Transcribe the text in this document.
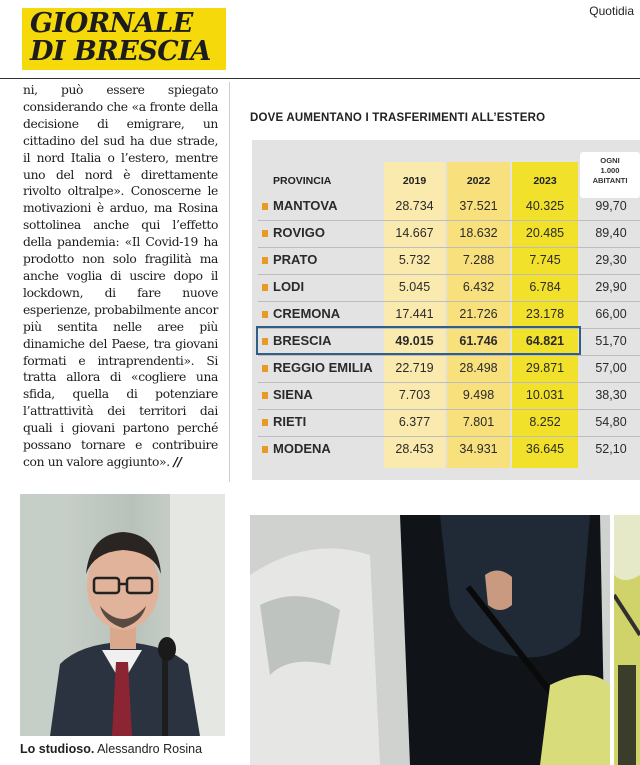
GIORNALE
DI BRESCIA
Quotidia
ni, può essere spiegato considerando che «a fronte della decisione di emigrare, un cittadino del sud ha due strade, il nord Italia o l’estero, mentre uno del nord è direttamente rivolto oltralpe». Conoscerne le motivazioni è arduo, ma Rosina sottolinea anche qui l’effetto della pandemia: «Il Covid-19 ha prodotto non solo fragilità ma anche voglia di uscire dopo il lockdown, di fare nuove esperienze, probabilmente ancor più sentita nelle aree più dinamiche del Paese, tra giovani formati e intraprendenti». Si tratta allora di «cogliere una sfida, quella di potenziare l’attrattività dei territori dai quali i giovani partono perché possano tornare e contribuire con un valore aggiunto». //
Lo studioso. Alessandro Rosina
DOVE AUMENTANO I TRASFERIMENTI ALL’ESTERO
PROVINCIA	2019	2022	2023
OGNI
1.000
ABITANTI
MANTOVA	28.734	37.521	40.325	99,70
ROVIGO	14.667	18.632	20.485	89,40
PRATO	5.732	7.288	7.745	29,30
LODI	5.045	6.432	6.784	29,90
CREMONA	17.441	21.726	23.178	66,00
BRESCIA	49.015	61.746	64.821	51,70
REGGIO EMILIA	22.719	28.498	29.871	57,00
SIENA	7.703	9.498	10.031	38,30
RIETI	6.377	7.801	8.252	54,80
MODENA	28.453	34.931	36.645	52,10
